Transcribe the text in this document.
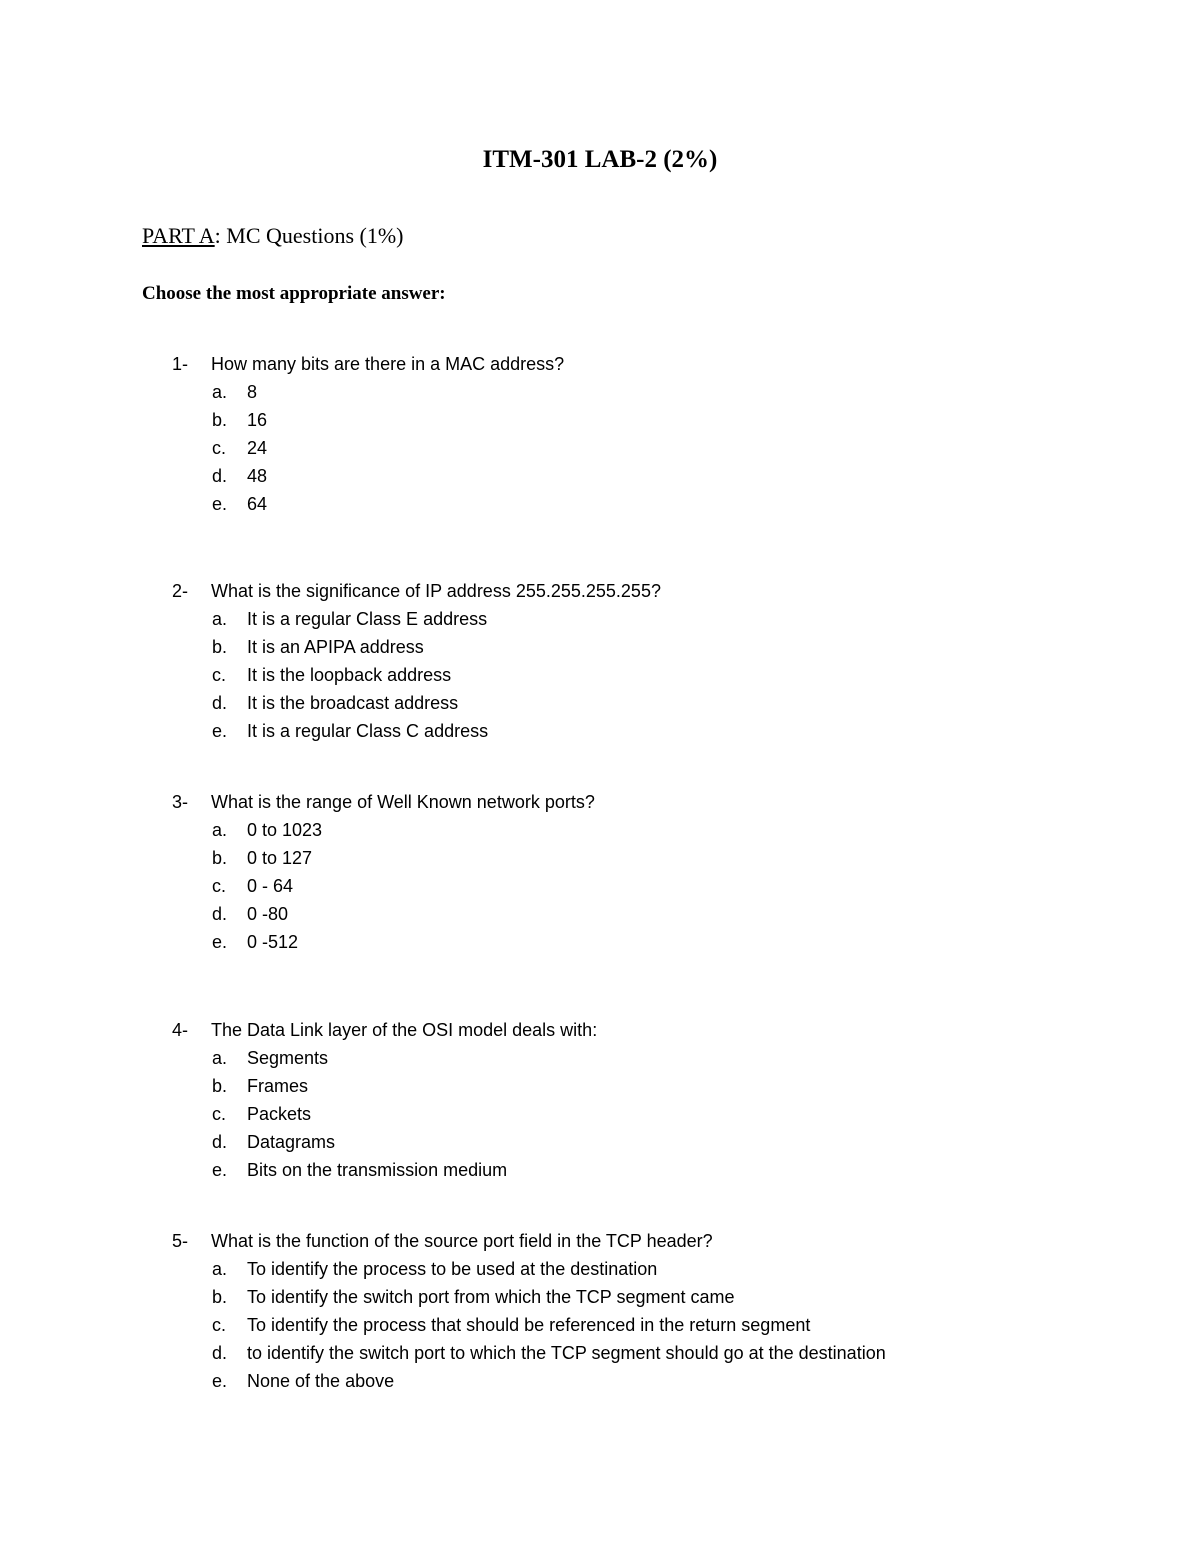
ITM-301 LAB-2 (2%)
PART A: MC Questions (1%)
Choose the most appropriate answer:
1- How many bits are there in a MAC address?
a. 8
b. 16
c. 24
d. 48
e. 64
2- What is the significance of IP address 255.255.255.255?
a. It is a regular Class E address
b. It is an APIPA address
c. It is the loopback address
d. It is the broadcast address
e. It is a regular Class C address
3- What is the range of Well Known network ports?
a. 0 to 1023
b. 0 to 127
c. 0 - 64
d. 0 -80
e. 0 -512
4- The Data Link layer of the OSI model deals with:
a. Segments
b. Frames
c. Packets
d. Datagrams
e. Bits on the transmission medium
5- What is the function of the source port field in the TCP header?
a. To identify the process to be used at the destination
b. To identify the switch port from which the TCP segment came
c. To identify the process that should be referenced in the return segment
d. to identify the switch port to which the TCP segment should go at the destination
e. None of the above
